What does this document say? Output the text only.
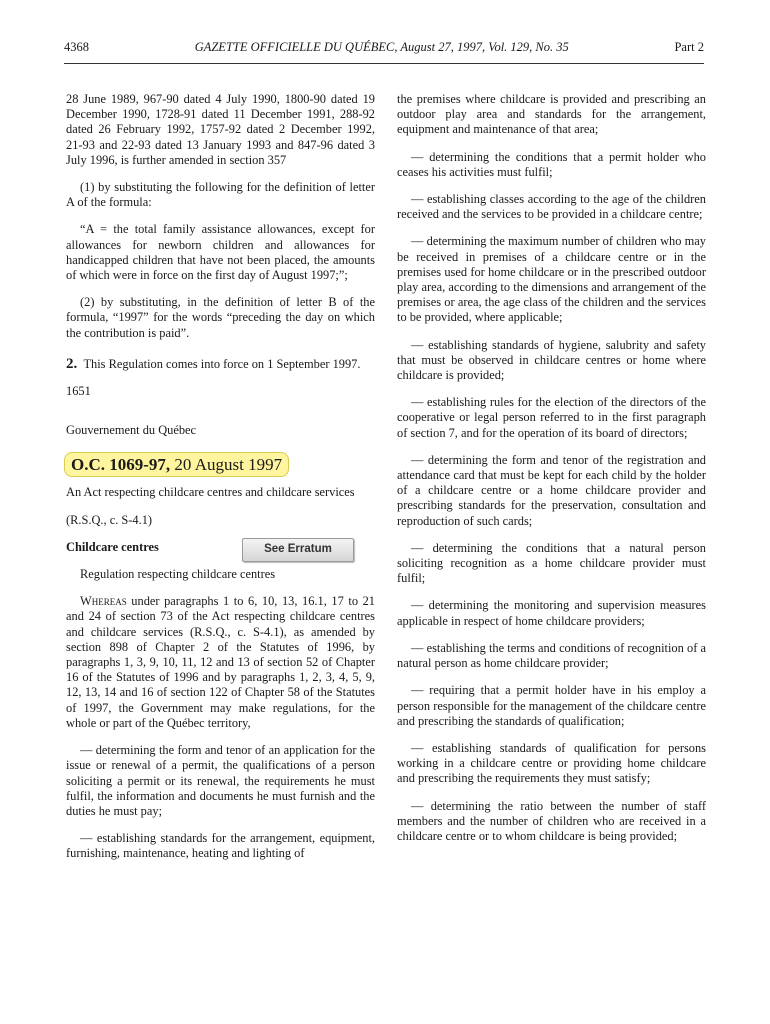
4368	GAZETTE OFFICIELLE DU QUÉBEC, August 27, 1997, Vol. 129, No. 35	Part 2

28 June 1989, 967-90 dated 4 July 1990, 1800-90 dated 19 December 1990, 1728-91 dated 11 December 1991, 288-92 dated 26 February 1992, 1757-92 dated 2 December 1992, 21-93 and 22-93 dated 13 January 1993 and 847-96 dated 3 July 1996, is further amended in section 357

(1) by substituting the following for the definition of letter A of the formula:

“A = the total family assistance allowances, except for allowances for newborn children and allowances for handicapped children that have not been placed, the amounts of which were in force on the first day of August 1997;”;

(2) by substituting, in the definition of letter B of the formula, “1997” for the words “preceding the day on which the contribution is paid”.

2. This Regulation comes into force on 1 September 1997.

1651

Gouvernement du Québec

O.C. 1069-97, 20 August 1997

An Act respecting childcare centres and childcare services

(R.S.Q., c. S-4.1)

See Erratum

Childcare centres

Regulation respecting childcare centres

Whereas under paragraphs 1 to 6, 10, 13, 16.1, 17 to 21 and 24 of section 73 of the Act respecting childcare centres and childcare services (R.S.Q., c. S-4.1), as amended by section 898 of Chapter 2 of the Statutes of 1996, by paragraphs 1, 3, 9, 10, 11, 12 and 13 of section 52 of Chapter 16 of the Statutes of 1996 and by paragraphs 1, 2, 3, 4, 5, 9, 12, 13, 14 and 16 of section 122 of Chapter 58 of the Statutes of 1997, the Government may make regulations, for the whole or part of the Québec territory,

— determining the form and tenor of an application for the issue or renewal of a permit, the qualifications of a person soliciting a permit or its renewal, the requirements he must fulfil, the information and documents he must furnish and the duties he must pay;

— establishing standards for the arrangement, equipment, furnishing, maintenance, heating and lighting of

the premises where childcare is provided and prescribing an outdoor play area and standards for the arrangement, equipment and maintenance of that area;

— determining the conditions that a permit holder who ceases his activities must fulfil;

— establishing classes according to the age of the children received and the services to be provided in a childcare centre;

— determining the maximum number of children who may be received in premises of a childcare centre or in the premises used for home childcare or in the prescribed outdoor play area, according to the dimensions and arrangement of the premises or area, the age class of the children and the services to be provided, where applicable;

— establishing standards of hygiene, salubrity and safety that must be observed in childcare centres or home where childcare is provided;

— establishing rules for the election of the directors of the cooperative or legal person referred to in the first paragraph of section 7, and for the operation of its board of directors;

— determining the form and tenor of the registration and attendance card that must be kept for each child by the holder of a childcare centre or a home childcare provider and prescribing standards for the preservation, consultation and reproduction of such cards;

— determining the conditions that a natural person soliciting recognition as a home childcare provider must fulfil;

— determining the monitoring and supervision measures applicable in respect of home childcare providers;

— establishing the terms and conditions of recognition of a natural person as home childcare provider;

— requiring that a permit holder have in his employ a person responsible for the management of the childcare centre and prescribing the standards of qualification;

— establishing standards of qualification for persons working in a childcare centre or providing home childcare and prescribing the requirements they must satisfy;

— determining the ratio between the number of staff members and the number of children who are received in a childcare centre or to whom childcare is being provided;
